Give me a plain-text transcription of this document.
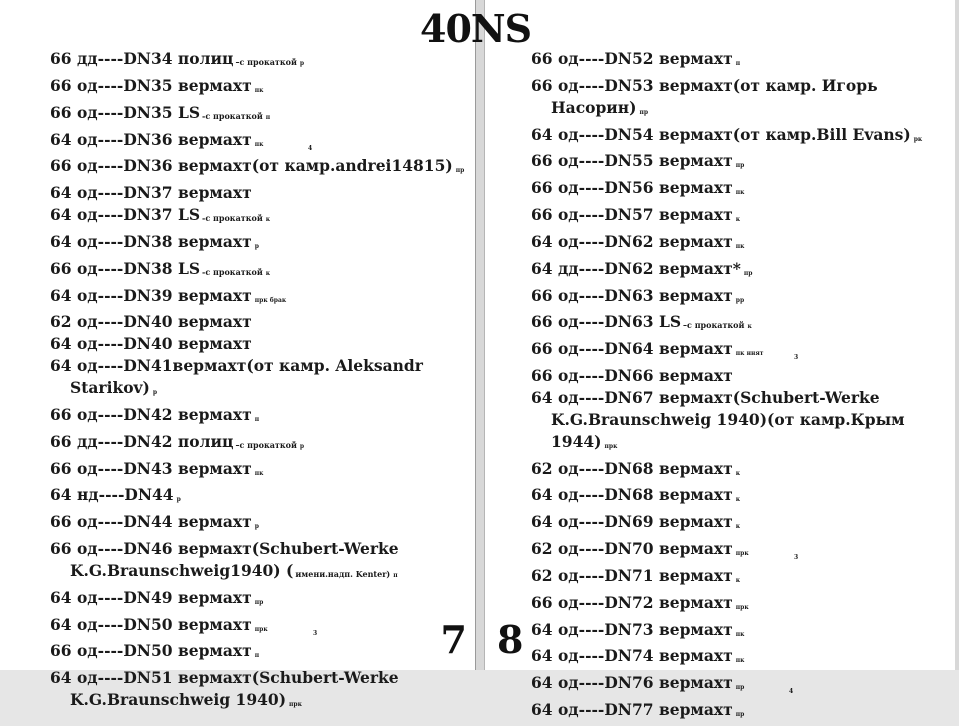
40NS
66 дд----DN34 полиц –с прокаткой р
66 од----DN35 вермахт пк
66 од----DN35 LS -с прокаткой п
64 од----DN36 вермахт пк
4
66 од----DN36 вермахт(от камр.andrei14815) пр
64 од----DN37 вермахт
64 од----DN37 LS -с прокаткой к
64 од----DN38 вермахт р
66 од----DN38 LS -с прокаткой к
64 од----DN39 вермахт прк брак
62 од----DN40 вермахт
64 од----DN40 вермахт
64 од----DN41вермахт(от камр. Aleksandr
Starikov) р
66 од----DN42 вермахт п
66 дд----DN42 полиц –с прокаткой р
66 од----DN43 вермахт пк
64 нд----DN44 р
66 од----DN44 вермахт р
66 од----DN46 вермахт(Schubert-Werke
K.G.Braunschweig1940) ( имени.надп. Kenter) п
64 од----DN49 вермахт пр
64 од----DN50 вермахт прк
3
66 од----DN50 вермахт п
64 од----DN51 вермахт(Schubert-Werke
K.G.Braunschweig 1940) прк
7
66 од----DN52 вермахт п
66 од----DN53 вермахт(от камр. Игорь
Насорин) пр
64 од----DN54 вермахт(от камр.Bill Evans) рк
66 од----DN55 вермахт пр
66 од----DN56 вермахт пк
66 од----DN57 вермахт к
64 од----DN62 вермахт пк
64 дд----DN62 вермахт* пр
66 од----DN63 вермахт рр
66 од----DN63 LS –с прокаткой к
66 од----DN64 вермахт пк ннят
3
66 од----DN66 вермахт
64 од----DN67 вермахт(Schubert-Werke
K.G.Braunschweig 1940)(от камр.Крым
1944) прк
62 од----DN68 вермахт к
64 од----DN68 вермахт к
64 од----DN69 вермахт к
62 од----DN70 вермахт прк
3
62 од----DN71 вермахт к
66 од----DN72 вермахт прк
64 од----DN73 вермахт пк
64 од----DN74 вермахт пк
64 од----DN76 вермахт пр
4
64 од----DN77 вермахт пр
8
